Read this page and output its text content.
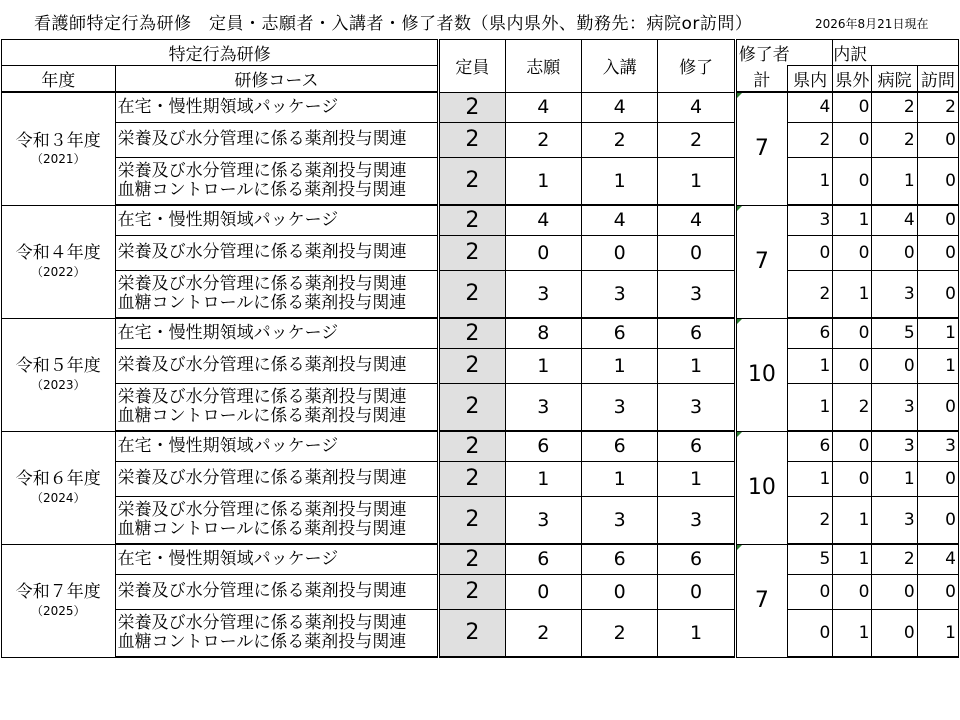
看護師特定行為研修　定員・志願者・入講者・修了者数（県内県外、勤務先：病院or訪問）	2026年8月21日現在
特定行為研修		定員	志願	入講	修了	修了者		内訳		
年度	研修コース					計	県内	県外	病院	訪問

令和３年度
（2021）	在宅・慢性期領域パッケージ	2	4	4	4	7	4	0	2	2
	栄養及び水分管理に係る薬剤投与関連	2	2	2	2		2	0	2	0

	栄養及び水分管理に係る薬剤投与関連
血糖コントロールに係る薬剤投与関連	2	1	1	1		1	0	1	0

令和４年度
（2022）	在宅・慢性期領域パッケージ	2	4	4	4	7	3	1	4	0
	栄養及び水分管理に係る薬剤投与関連	2	0	0	0		0	0	0	0

	栄養及び水分管理に係る薬剤投与関連
血糖コントロールに係る薬剤投与関連	2	3	3	3		2	1	3	0

令和５年度
（2023）	在宅・慢性期領域パッケージ	2	8	6	6	10	6	0	5	1
	栄養及び水分管理に係る薬剤投与関連	2	1	1	1		1	0	0	1

	栄養及び水分管理に係る薬剤投与関連
血糖コントロールに係る薬剤投与関連	2	3	3	3		1	2	3	0

令和６年度
（2024）	在宅・慢性期領域パッケージ	2	6	6	6	10	6	0	3	3
	栄養及び水分管理に係る薬剤投与関連	2	1	1	1		1	0	1	0

	栄養及び水分管理に係る薬剤投与関連
血糖コントロールに係る薬剤投与関連	2	3	3	3		2	1	3	0

令和７年度
（2025）	在宅・慢性期領域パッケージ	2	6	6	6	7	5	1	2	4
	栄養及び水分管理に係る薬剤投与関連	2	0	0	0		0	0	0	0

	栄養及び水分管理に係る薬剤投与関連
血糖コントロールに係る薬剤投与関連	2	2	2	1		0	1	0	1
